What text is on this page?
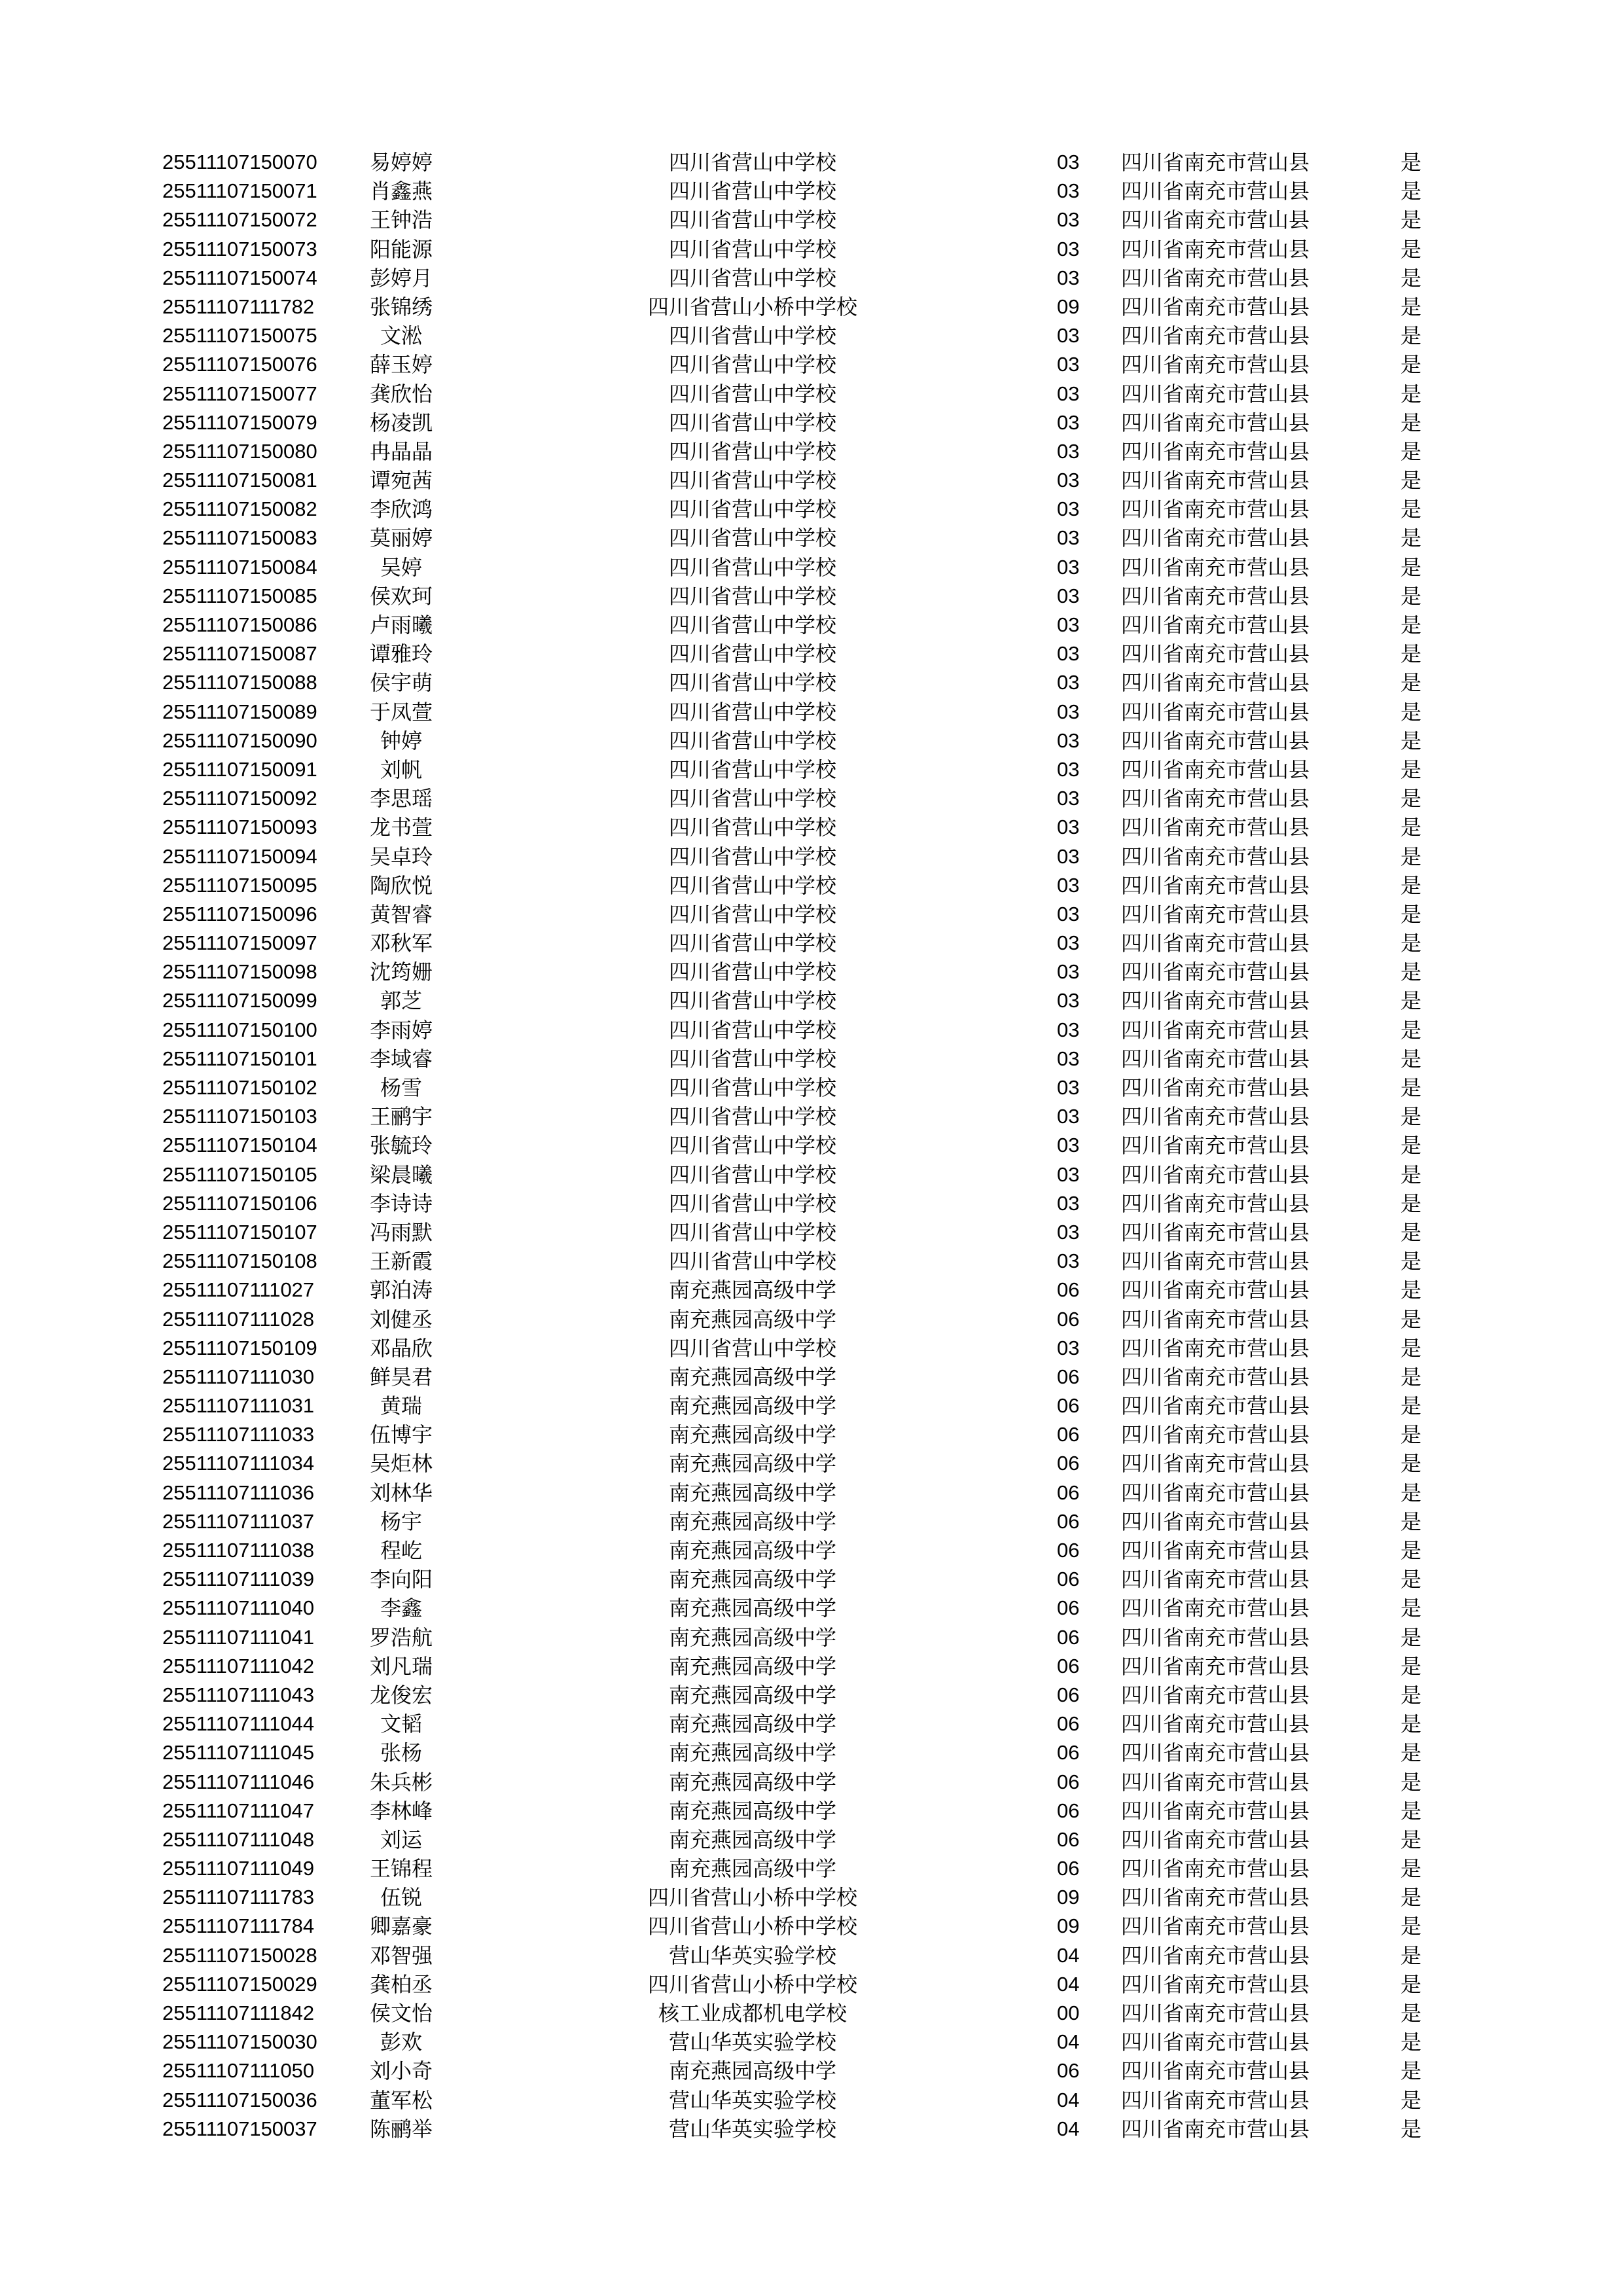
25511107150070	易婷婷	四川省营山中学校	03 四川省南充市营山县	是
25511107150071	肖鑫燕	四川省营山中学校	03 四川省南充市营山县	是
25511107150072	王钟浩	四川省营山中学校	03 四川省南充市营山县	是
25511107150073	阳能源	四川省营山中学校	03 四川省南充市营山县	是
25511107150074	彭婷月	四川省营山中学校	03 四川省南充市营山县	是
25511107111782	张锦绣	四川省营山小桥中学校	09 四川省南充市营山县	是
25511107150075	文淞	四川省营山中学校	03 四川省南充市营山县	是
25511107150076	薛玉婷	四川省营山中学校	03 四川省南充市营山县	是
25511107150077	龚欣怡	四川省营山中学校	03 四川省南充市营山县	是
25511107150079	杨凌凯	四川省营山中学校	03 四川省南充市营山县	是
25511107150080	冉晶晶	四川省营山中学校	03 四川省南充市营山县	是
25511107150081	谭宛茜	四川省营山中学校	03 四川省南充市营山县	是
25511107150082	李欣鸿	四川省营山中学校	03 四川省南充市营山县	是
25511107150083	莫丽婷	四川省营山中学校	03 四川省南充市营山县	是
25511107150084	吴婷	四川省营山中学校	03 四川省南充市营山县	是
25511107150085	侯欢珂	四川省营山中学校	03 四川省南充市营山县	是
25511107150086	卢雨曦	四川省营山中学校	03 四川省南充市营山县	是
25511107150087	谭雅玲	四川省营山中学校	03 四川省南充市营山县	是
25511107150088	侯宇萌	四川省营山中学校	03 四川省南充市营山县	是
25511107150089	于凤萱	四川省营山中学校	03 四川省南充市营山县	是
25511107150090	钟婷	四川省营山中学校	03 四川省南充市营山县	是
25511107150091	刘帆	四川省营山中学校	03 四川省南充市营山县	是
25511107150092	李思瑶	四川省营山中学校	03 四川省南充市营山县	是
25511107150093	龙书萱	四川省营山中学校	03 四川省南充市营山县	是
25511107150094	吴卓玲	四川省营山中学校	03 四川省南充市营山县	是
25511107150095	陶欣悦	四川省营山中学校	03 四川省南充市营山县	是
25511107150096	黄智睿	四川省营山中学校	03 四川省南充市营山县	是
25511107150097	邓秋军	四川省营山中学校	03 四川省南充市营山县	是
25511107150098	沈筠姗	四川省营山中学校	03 四川省南充市营山县	是
25511107150099	郭芝	四川省营山中学校	03 四川省南充市营山县	是
25511107150100	李雨婷	四川省营山中学校	03 四川省南充市营山县	是
25511107150101	李域睿	四川省营山中学校	03 四川省南充市营山县	是
25511107150102	杨雪	四川省营山中学校	03 四川省南充市营山县	是
25511107150103	王鹂宇	四川省营山中学校	03 四川省南充市营山县	是
25511107150104	张毓玲	四川省营山中学校	03 四川省南充市营山县	是
25511107150105	梁晨曦	四川省营山中学校	03 四川省南充市营山县	是
25511107150106	李诗诗	四川省营山中学校	03 四川省南充市营山县	是
25511107150107	冯雨默	四川省营山中学校	03 四川省南充市营山县	是
25511107150108	王新霞	四川省营山中学校	03 四川省南充市营山县	是
25511107111027	郭泊涛	南充燕园高级中学	06 四川省南充市营山县	是
25511107111028	刘健丞	南充燕园高级中学	06 四川省南充市营山县	是
25511107150109	邓晶欣	四川省营山中学校	03 四川省南充市营山县	是
25511107111030	鲜昊君	南充燕园高级中学	06 四川省南充市营山县	是
25511107111031	黄瑞	南充燕园高级中学	06 四川省南充市营山县	是
25511107111033	伍博宇	南充燕园高级中学	06 四川省南充市营山县	是
25511107111034	吴炬林	南充燕园高级中学	06 四川省南充市营山县	是
25511107111036	刘林华	南充燕园高级中学	06 四川省南充市营山县	是
25511107111037	杨宇	南充燕园高级中学	06 四川省南充市营山县	是
25511107111038	程屹	南充燕园高级中学	06 四川省南充市营山县	是
25511107111039	李向阳	南充燕园高级中学	06 四川省南充市营山县	是
25511107111040	李鑫	南充燕园高级中学	06 四川省南充市营山县	是
25511107111041	罗浩航	南充燕园高级中学	06 四川省南充市营山县	是
25511107111042	刘凡瑞	南充燕园高级中学	06 四川省南充市营山县	是
25511107111043	龙俊宏	南充燕园高级中学	06 四川省南充市营山县	是
25511107111044	文韬	南充燕园高级中学	06 四川省南充市营山县	是
25511107111045	张杨	南充燕园高级中学	06 四川省南充市营山县	是
25511107111046	朱兵彬	南充燕园高级中学	06 四川省南充市营山县	是
25511107111047	李林峰	南充燕园高级中学	06 四川省南充市营山县	是
25511107111048	刘运	南充燕园高级中学	06 四川省南充市营山县	是
25511107111049	王锦程	南充燕园高级中学	06 四川省南充市营山县	是
25511107111783	伍锐	四川省营山小桥中学校	09 四川省南充市营山县	是
25511107111784	卿嘉豪	四川省营山小桥中学校	09 四川省南充市营山县	是
25511107150028	邓智强	营山华英实验学校	04 四川省南充市营山县	是
25511107150029	龚柏丞	四川省营山小桥中学校	04 四川省南充市营山县	是
25511107111842	侯文怡	核工业成都机电学校	00 四川省南充市营山县	是
25511107150030	彭欢	营山华英实验学校	04 四川省南充市营山县	是
25511107111050	刘小奇	南充燕园高级中学	06 四川省南充市营山县	是
25511107150036	董军松	营山华英实验学校	04 四川省南充市营山县	是
25511107150037	陈鹂举	营山华英实验学校	04 四川省南充市营山县	是
